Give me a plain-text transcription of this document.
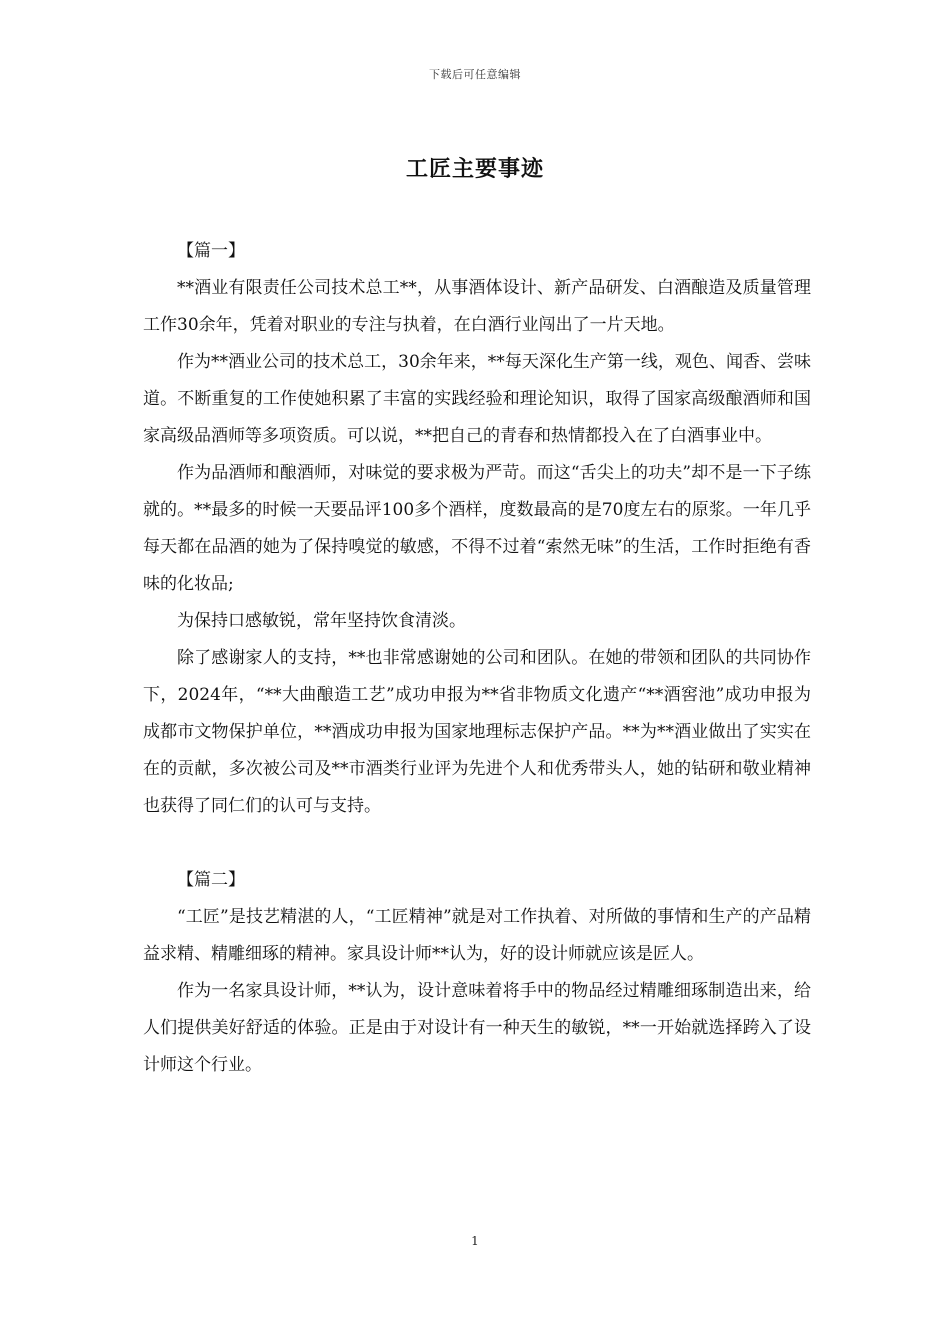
下载后可任意编辑
工匠主要事迹

【篇一】

**酒业有限责任公司技术总工**，从事酒体设计、新产品研发、白酒酿造及质量管理工作30余年，凭着对职业的专注与执着，在白酒行业闯出了一片天地。

作为**酒业公司的技术总工，30余年来，**每天深化生产第一线，观色、闻香、尝味道。不断重复的工作使她积累了丰富的实践经验和理论知识，取得了国家高级酿酒师和国家高级品酒师等多项资质。可以说，**把自己的青春和热情都投入在了白酒事业中。

作为品酒师和酿酒师，对味觉的要求极为严苛。而这“舌尖上的功夫”却不是一下子练就的。**最多的时候一天要品评100多个酒样，度数最高的是70度左右的原浆。一年几乎每天都在品酒的她为了保持嗅觉的敏感，不得不过着“索然无味”的生活，工作时拒绝有香味的化妆品;

为保持口感敏锐，常年坚持饮食清淡。

除了感谢家人的支持，**也非常感谢她的公司和团队。在她的带领和团队的共同协作下，2024年，“**大曲酿造工艺”成功申报为**省非物质文化遗产“**酒窖池”成功申报为成都市文物保护单位，**酒成功申报为国家地理标志保护产品。**为**酒业做出了实实在在的贡献，多次被公司及**市酒类行业评为先进个人和优秀带头人，她的钻研和敬业精神也获得了同仁们的认可与支持。

【篇二】

“工匠”是技艺精湛的人，“工匠精神”就是对工作执着、对所做的事情和生产的产品精益求精、精雕细琢的精神。家具设计师**认为，好的设计师就应该是匠人。

作为一名家具设计师，**认为，设计意味着将手中的物品经过精雕细琢制造出来，给人们提供美好舒适的体验。正是由于对设计有一种天生的敏锐，**一开始就选择跨入了设计师这个行业。

1
